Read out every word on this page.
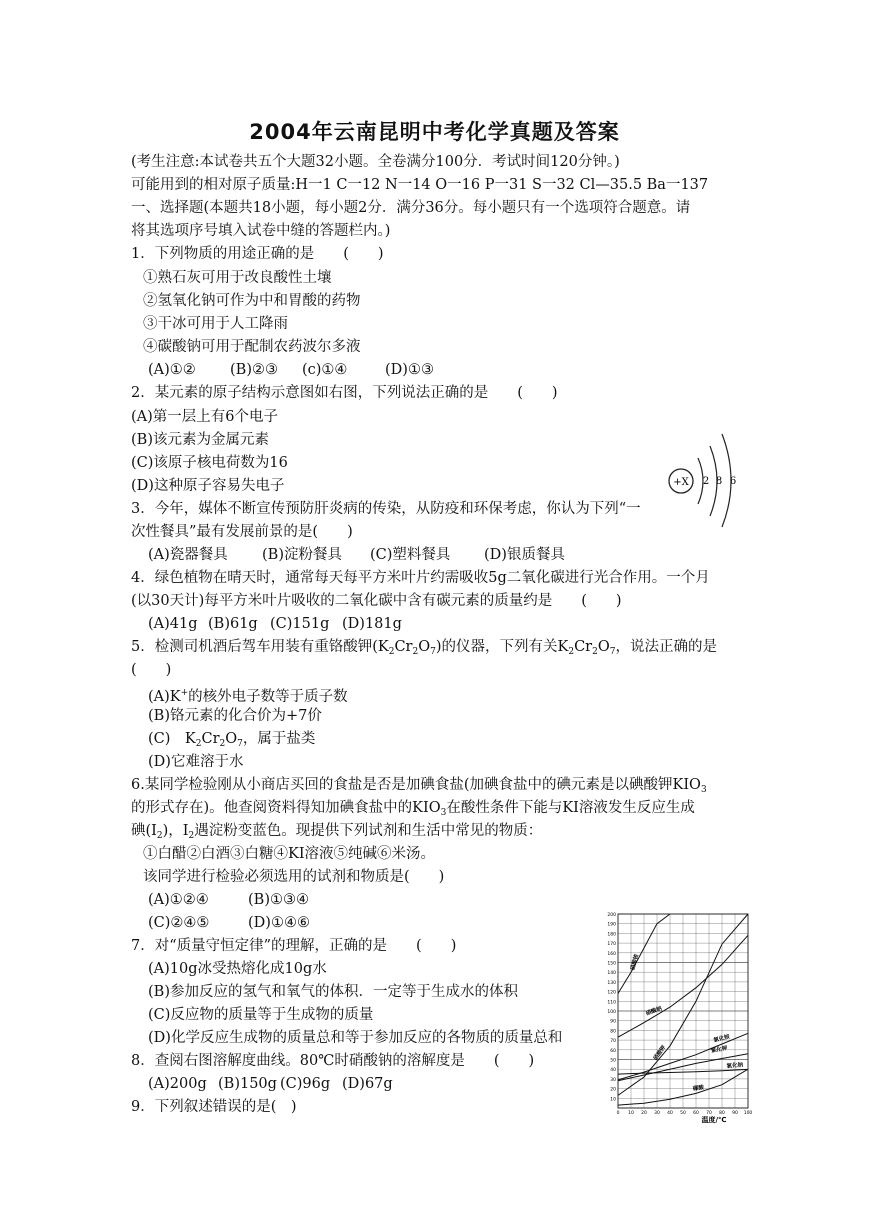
2004年云南昆明中考化学真题及答案
(考生注意:本试卷共五个大题32小题。全卷满分100分．考试时间120分钟。)
可能用到的相对原子质量:H一1 C一12 N一14 O一16 P一31 S一32 Cl—35.5 Ba一137
一、选择题(本题共18小题，每小题2分．满分36分。每小题只有一个选项符合题意。请
将其选项序号填入试卷中缝的答题栏内。)
1．下列物质的用途正确的是　　(　　)
①熟石灰可用于改良酸性土壤
②氢氧化钠可作为中和胃酸的药物
③干冰可用于人工降雨
④碳酸钠可用于配制农药波尔多液
(A)①② (B)②③ (c)①④	(D)①③
2．某元素的原子结构示意图如右图，下列说法正确的是　　(　　)
(A)第一层上有6个电子
(B)该元素为金属元素
(C)该原子核电荷数为16
(D)这种原子容易失电子	+X 2 8 6
3．今年，媒体不断宣传预防肝炎病的传染，从防疫和环保考虑，你认为下列“一
次性餐具”最有发展前景的是(　　)
(A)瓷器餐具 (B)淀粉餐具 (C)塑料餐具 (D)银质餐具
4．绿色植物在晴天时，通常每天每平方米叶片约需吸收5g二氧化碳进行光合作用。一个月
(以30天计)每平方米叶片吸收的二氧化碳中含有碳元素的质量约是　　(　　)
(A)41g (B)61g (C)151g (D)181g
5．检测司机酒后驾车用装有重铬酸钾$(K_2Cr_2O_7)$的仪器，下列有关$K_2Cr_2O_7$，说法正确的是
(　　)
(A)K+的核外电子数等于质子数
(B)铬元素的化合价为+7价
(C)　$K_2Cr_2O_7$，属于盐类
(D)它难溶于水
6.某同学检验刚从小商店买回的食盐是否是加碘食盐(加碘食盐中的碘元素是以碘酸钾$KIO_3$
的形式存在)。他查阅资料得知加碘食盐中的$KIO_3$在酸性条件下能与KI溶液发生反应生成
碘$(I_2)$，$I_2$遇淀粉变蓝色。现提供下列试剂和生活中常见的物质：
①白醋②白酒③白糖④KI溶液⑤纯碱⑥米汤。
该同学进行检验必须选用的试剂和物质是(　　)
(A)①②④	(B)①③④
(C)②④⑤	(D)①④⑥
7．对“质量守恒定律”的理解，正确的是　　(　　)
(A)10g冰受热熔化成10g水
(B)参加反应的氢气和氧气的体积．一定等于生成水的体积
(C)反应物的质量等于生成物的质量
(D)化学反应生成物的质量总和等于参加反应的各物质的质量总和
8．查阅右图溶解度曲线。80℃时硝酸钠的溶解度是　　(　　)
(A)200g (B)150g (C)96g (D)67g
9．下列叙述错误的是(　)
200
190
180
170
160
150
140
130
120
110
100
90
80
70
60
50
40
30
20
10
0 10 20 30 40 50 60 70 80 90 100
硝酸铵
硝酸钠
硝酸钾
氯化铵
氯化钾
氯化钠
硼酸
温度/℃
